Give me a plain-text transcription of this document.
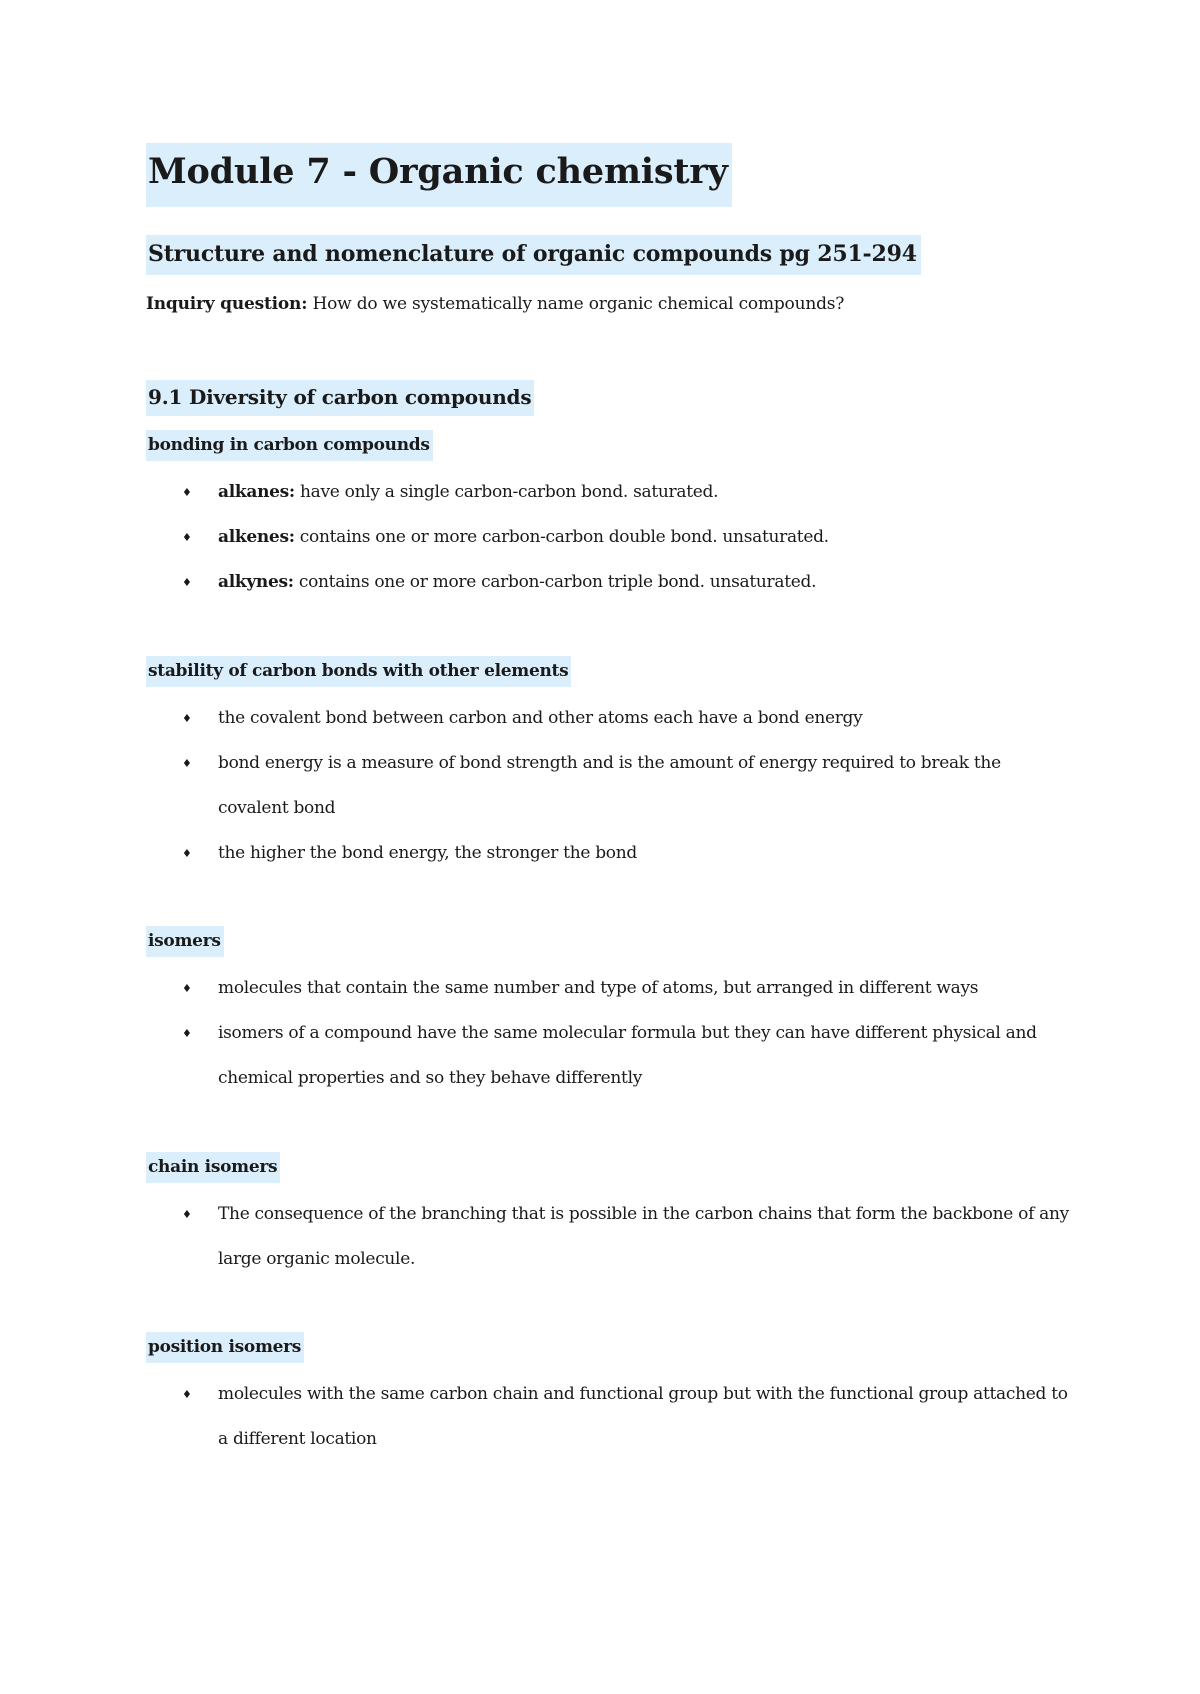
Module 7 - Organic chemistry
Structure and nomenclature of organic compounds pg 251-294
Inquiry question: How do we systematically name organic chemical compounds?
9.1 Diversity of carbon compounds
bonding in carbon compounds
♦ alkanes: have only a single carbon-carbon bond. saturated.
♦ alkenes: contains one or more carbon-carbon double bond. unsaturated.
♦ alkynes: contains one or more carbon-carbon triple bond. unsaturated.
stability of carbon bonds with other elements
♦ the covalent bond between carbon and other atoms each have a bond energy
♦ bond energy is a measure of bond strength and is the amount of energy required to break the covalent bond
♦ the higher the bond energy, the stronger the bond
isomers
♦ molecules that contain the same number and type of atoms, but arranged in different ways
♦ isomers of a compound have the same molecular formula but they can have different physical and chemical properties and so they behave differently
chain isomers
♦ The consequence of the branching that is possible in the carbon chains that form the backbone of any large organic molecule.
position isomers
♦ molecules with the same carbon chain and functional group but with the functional group attached to a different location
